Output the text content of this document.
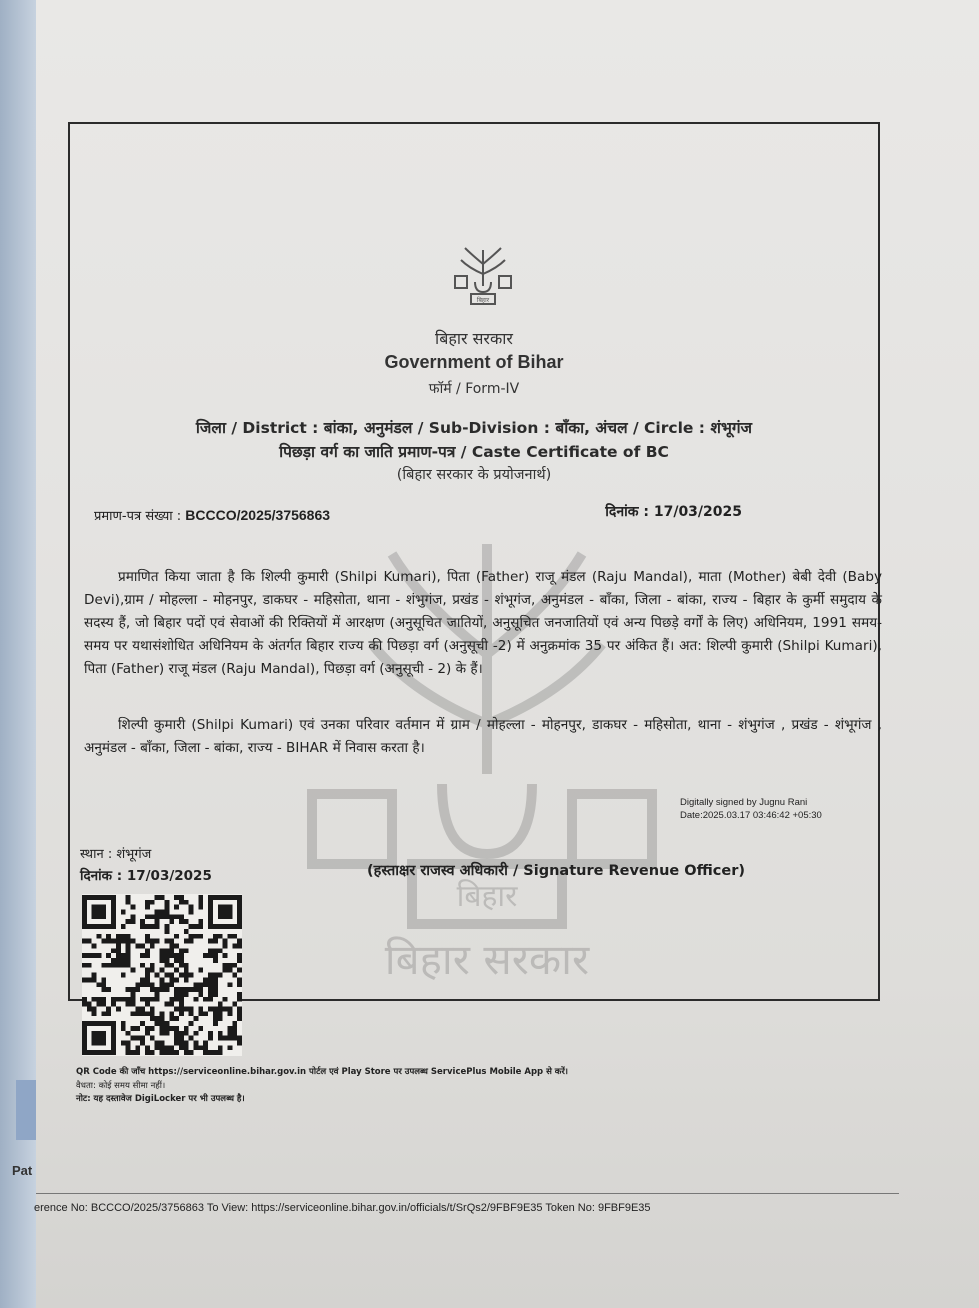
Pat
बिहार
बिहार सरकार
बिहार
बिहार सरकार
Government of Bihar
फॉर्म / Form-IV
जिला / District : बांका, अनुमंडल / Sub-Division : बाँका, अंचल / Circle : शंभूगंज
पिछड़ा वर्ग का जाति प्रमाण-पत्र / Caste Certificate of BC
(बिहार सरकार के प्रयोजनार्थ)
प्रमाण-पत्र संख्या : BCCCO/2025/3756863	दिनांक : 17/03/2025
प्रमाणित किया जाता है कि शिल्पी कुमारी (Shilpi Kumari), पिता (Father) राजू मंडल (Raju Mandal), माता (Mother) बेबी देवी (Baby Devi),ग्राम / मोहल्ला - मोहनपुर, डाकघर - महिसोता, थाना - शंभुगंज, प्रखंड - शंभूगंज, अनुमंडल - बाँका, जिला - बांका, राज्य - बिहार के कुर्मी समुदाय के सदस्य हैं, जो बिहार पदों एवं सेवाओं की रिक्तियों में आरक्षण (अनुसूचित जातियों, अनुसूचित जनजातियों एवं अन्य पिछड़े वर्गों के लिए) अधिनियम, 1991 समय-समय पर यथासंशोधित अधिनियम के अंतर्गत बिहार राज्य की पिछड़ा वर्ग (अनुसूची -2) में अनुक्रमांक 35 पर अंकित हैं। अत: शिल्पी कुमारी (Shilpi Kumari), पिता (Father) राजू मंडल (Raju Mandal), पिछड़ा वर्ग (अनुसूची - 2) के हैं।
शिल्पी कुमारी (Shilpi Kumari) एवं उनका परिवार वर्तमान में ग्राम / मोहल्ला - मोहनपुर, डाकघर - महिसोता, थाना - शंभुगंज , प्रखंड - शंभूगंज , अनुमंडल - बाँका, जिला - बांका, राज्य - BIHAR में निवास करता है।
Digitally signed by Jugnu Rani
Date:2025.03.17 03:46:42 +05:30
स्थान : शंभूगंज
दिनांक : 17/03/2025	(हस्ताक्षर राजस्व अधिकारी / Signature Revenue Officer)
QR Code की जाँच https://serviceonline.bihar.gov.in पोर्टल एवं Play Store पर उपलब्ध ServicePlus Mobile App से करें।
वैधता: कोई समय सीमा नहीं।
नोट: यह दस्तावेज DigiLocker पर भी उपलब्ध है।
erence No: BCCCO/2025/3756863 To View: https://serviceonline.bihar.gov.in/officials/t/SrQs2/9FBF9E35 Token No: 9FBF9E35
